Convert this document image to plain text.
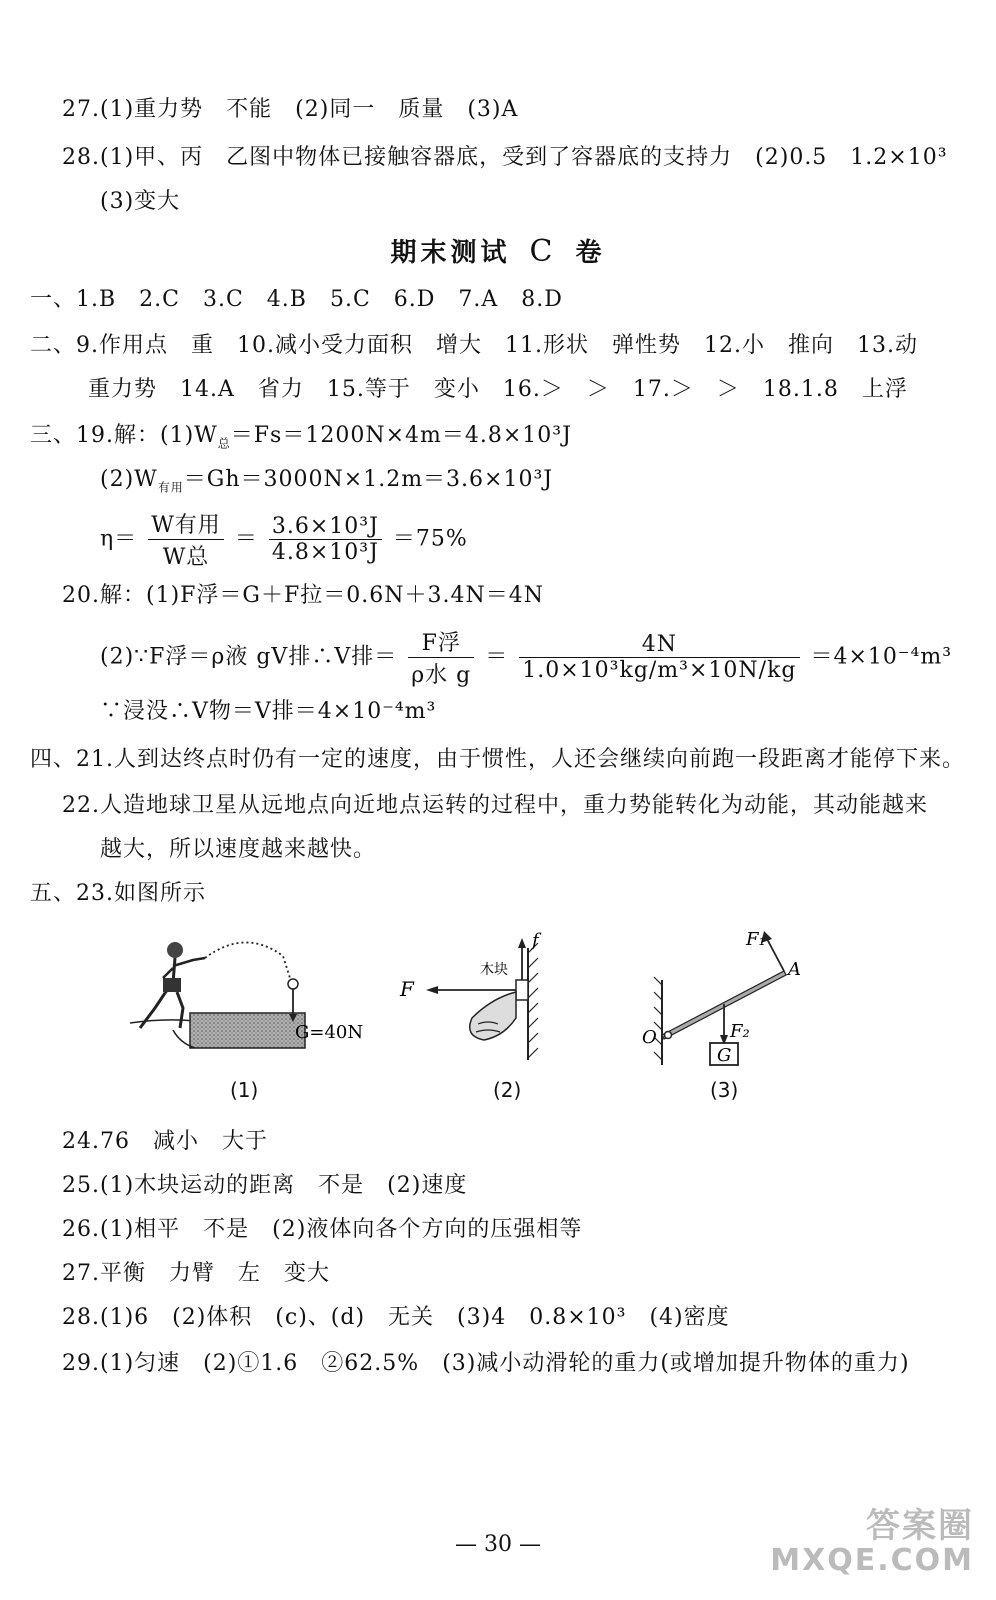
27.(1)重力势　不能　(2)同一　质量　(3)A
28.(1)甲、丙　乙图中物体已接触容器底，受到了容器底的支持力　(2)0.5　1.2×10³
(3)变大
期末测试 C 卷
一、1.B　2.C　3.C　4.B　5.C　6.D　7.A　8.D
二、9.作用点　重　10.减小受力面积　增大　11.形状　弹性势　12.小　推向　13.动
重力势　14.A　省力　15.等于　变小　16.＞　＞　17.＞　＞　18.1.8　上浮
三、19.解：$(1)W_总=Fs=1200N\times 4m=4.8\times 10^3J$
$(2)W_{有用}=Gh=3000N\times 1.2m=3.6\times 10^3J$
$\eta= \frac{\text{W有用}}{\text{W总}} = \frac{\text{3.6×10³J}}{\text{4.8×10³J}} =75\%$
20.解：(1)F浮＝G＋F拉＝0.6N＋3.4N＝4N
(2)∵F浮＝ρ液 gV排∴V排＝ $\frac{\text{F浮}}{\text{ρ水 g}} = \frac{4N}{\text{1.0×10³kg/m³×10N/kg}} =4\times 10^{-4}m^3$
∵浸没∴V物＝V排＝4×10⁻⁴m³
四、21.人到达终点时仍有一定的速度，由于惯性，人还会继续向前跑一段距离才能停下来。
22.人造地球卫星从远地点向近地点运转的过程中，重力势能转化为动能，其动能越来
越大，所以速度越来越快。
五、23.如图所示
G=40N
(1)
f
木块
F
(2)
O
F₁
A
F₂
G
(3)
24.76　减小　大于
25.(1)木块运动的距离　不是　(2)速度
26.(1)相平　不是　(2)液体向各个方向的压强相等
27.平衡　力臂　左　变大
28.(1)6　(2)体积　(c)、(d)　无关　(3)4　0.8×10³　(4)密度
29.(1)匀速　(2)①1.6　②62.5%　(3)减小动滑轮的重力(或增加提升物体的重力)
— 30 —	答案圈
MXQE.COM
